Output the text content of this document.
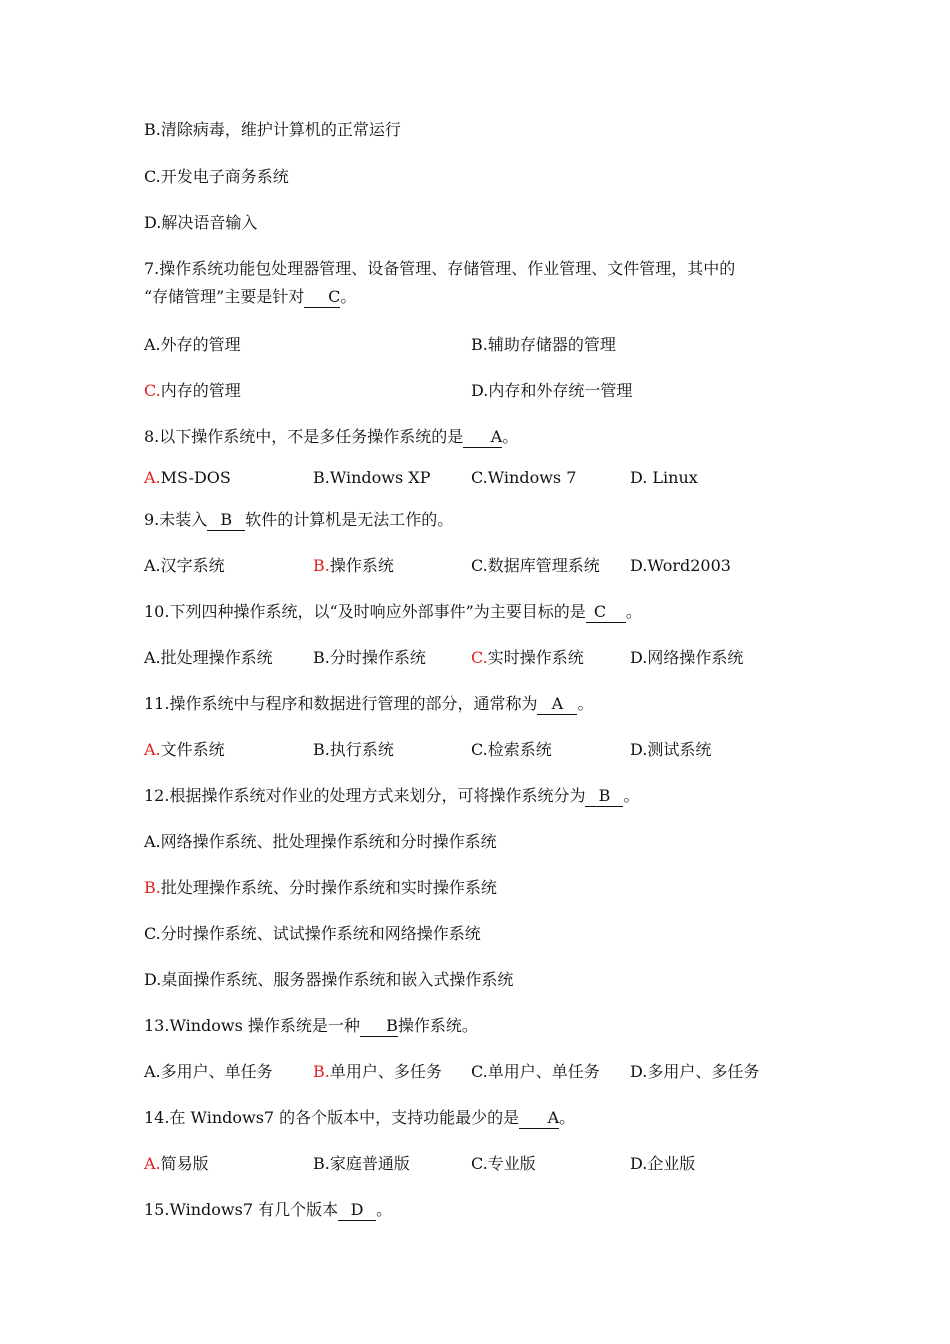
B.清除病毒，维护计算机的正常运行
C.开发电子商务系统
D.解决语音输入
7.操作系统功能包处理器管理、设备管理、存储管理、作业管理、文件管理，其中的
“存储管理”主要是针对 C。
A.外存的管理	B.辅助存储器的管理
C.内存的管理	D.内存和外存统一管理
8.以下操作系统中，不是多任务操作系统的是 A。
A.MS-DOS	B.Windows XP	C.Windows 7	D. Linux
9.未装入 B 软件的计算机是无法工作的。
A.汉字系统	B.操作系统	C.数据库管理系统 D.Word2003
10.下列四种操作系统，以“及时响应外部事件”为主要目标的是 C 。
A.批处理操作系统	B.分时操作系统	C.实时操作系统	D.网络操作系统
11.操作系统中与程序和数据进行管理的部分，通常称为 A 。
A.文件系统	B.执行系统	C.检索系统	D.测试系统
12.根据操作系统对作业的处理方式来划分，可将操作系统分为 B 。
A.网络操作系统、批处理操作系统和分时操作系统
B.批处理操作系统、分时操作系统和实时操作系统
C.分时操作系统、试试操作系统和网络操作系统
D.桌面操作系统、服务器操作系统和嵌入式操作系统
13.Windows 操作系统是一种 B操作系统。
A.多用户、单任务	B.单用户、多任务 C.单用户、单任务 D.多用户、多任务
14.在 Windows7 的各个版本中，支持功能最少的是 A。
A.简易版	B.家庭普通版	C.专业版	D.企业版
15.Windows7 有几个版本 D 。
